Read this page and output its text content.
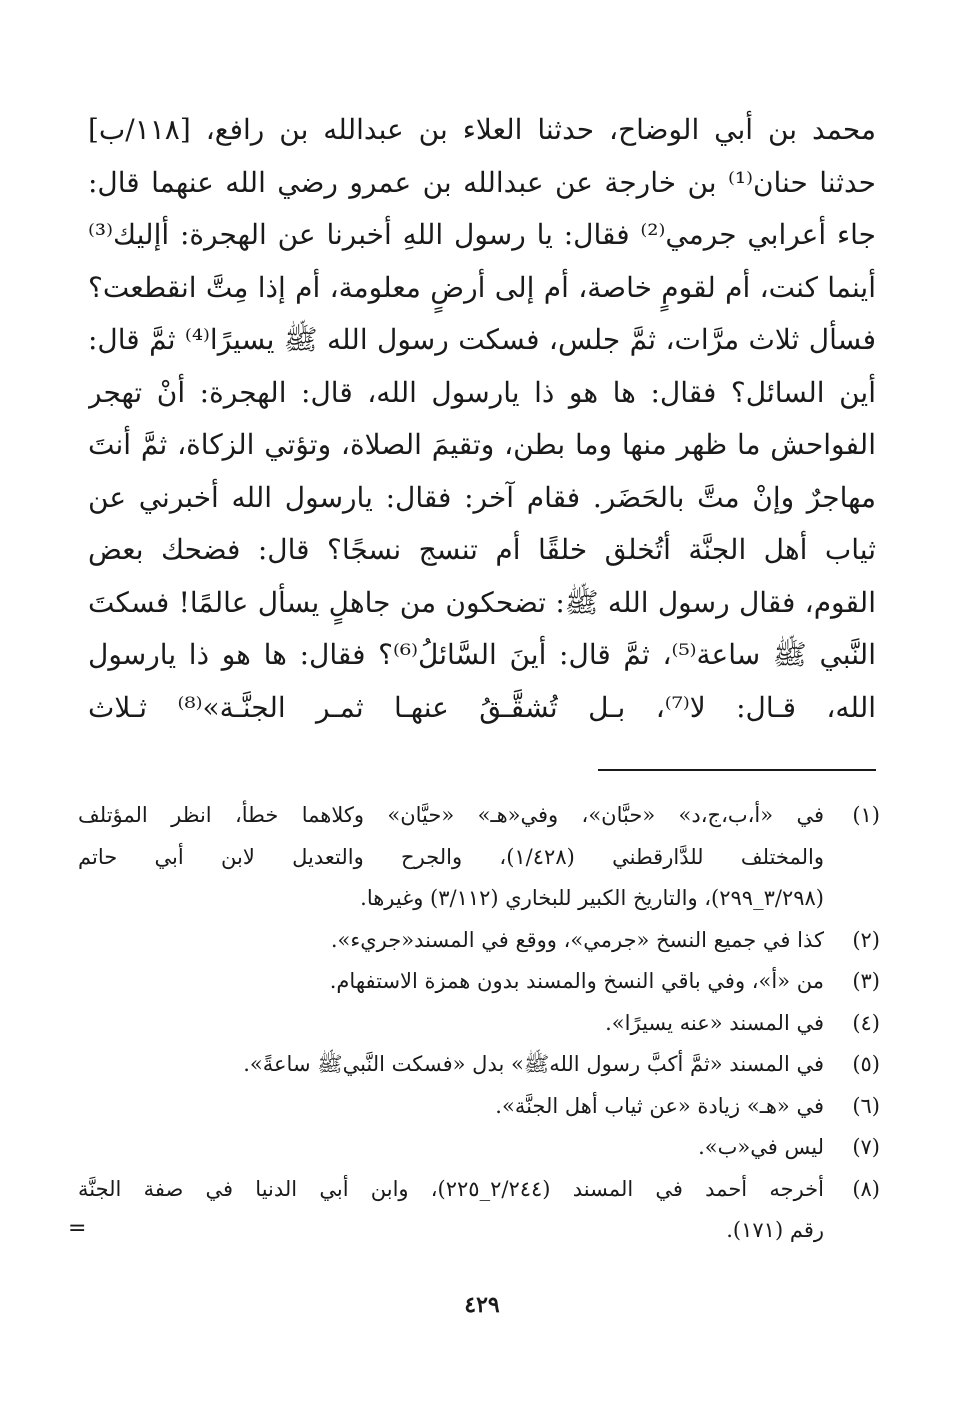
محمد بن أبي الوضاح، حدثنا العلاء بن عبدالله بن رافع، [١١٨/ب]
حدثنا حنان⁽¹⁾ بن خارجة عن عبدالله بن عمرو رضي الله عنهما قال:
جاء أعرابي جرمي⁽²⁾ فقال: يا رسول اللهِ أخبرنا عن الهجرة: أإليك⁽³⁾
أينما كنت، أم لقومٍ خاصة، أم إلى أرضٍ معلومة، أم إذا مِتَّ انقطعت؟
فسأل ثلاث مرَّات، ثمَّ جلس، فسكت رسول الله ﷺ يسيرًا⁽⁴⁾ ثمَّ قال:
أين السائل؟ فقال: ها هو ذا يارسول الله، قال: الهجرة: أنْ تهجر
الفواحش ما ظهر منها وما بطن، وتقيمَ الصلاة، وتؤتي الزكاة، ثمَّ أنتَ
مهاجرٌ وإنْ متَّ بالحَضَر. فقام آخر: فقال: يارسول الله أخبرني عن
ثياب أهل الجنَّة أتُخلق خلقًا أم تنسج نسجًا؟ قال: فضحك بعض
القوم، فقال رسول الله ﷺ: تضحكون من جاهلٍ يسأل عالمًا! فسكتَ
النَّبي ﷺ ساعة⁽⁵⁾، ثمَّ قال: أينَ السَّائلُ⁽⁶⁾؟ فقال: ها هو ذا يارسول
الله، قـال: لا⁽⁷⁾، بـل تُشقَّـقُ عنهـا ثمـر الجنَّـة»⁽⁸⁾ ثـلاث
(١)
في «أ،ب،ج،د» «حبَّان»، وفي«هـ» «حيَّان» وكلاهما خطأ، انظر المؤتلف
والمختلف للدَّارقطني (١/٤٢٨)، والجرح والتعديل لابن أبي حاتم
(٣/٢٩٨_٢٩٩)، والتاريخ الكبير للبخاري (٣/١١٢) وغيرها.
(٢)
كذا في جميع النسخ «جرمي»، ووقع في المسند«جريء».
(٣)
من «أ»، وفي باقي النسخ والمسند بدون همزة الاستفهام.
(٤)
في المسند «عنه يسيرًا».
(٥)
في المسند «ثمَّ أكبَّ رسول اللهﷺ» بدل «فسكت النَّبيﷺ ساعةً».
(٦)
في «هـ» زيادة «عن ثياب أهل الجنَّة».
(٧)
ليس في«ب».
(٨)
أخرجه أحمد في المسند (٢/٢٤٤_٢٢٥)، وابن أبي الدنيا في صفة الجنَّة
رقم (١٧١).
=
٤٢٩
